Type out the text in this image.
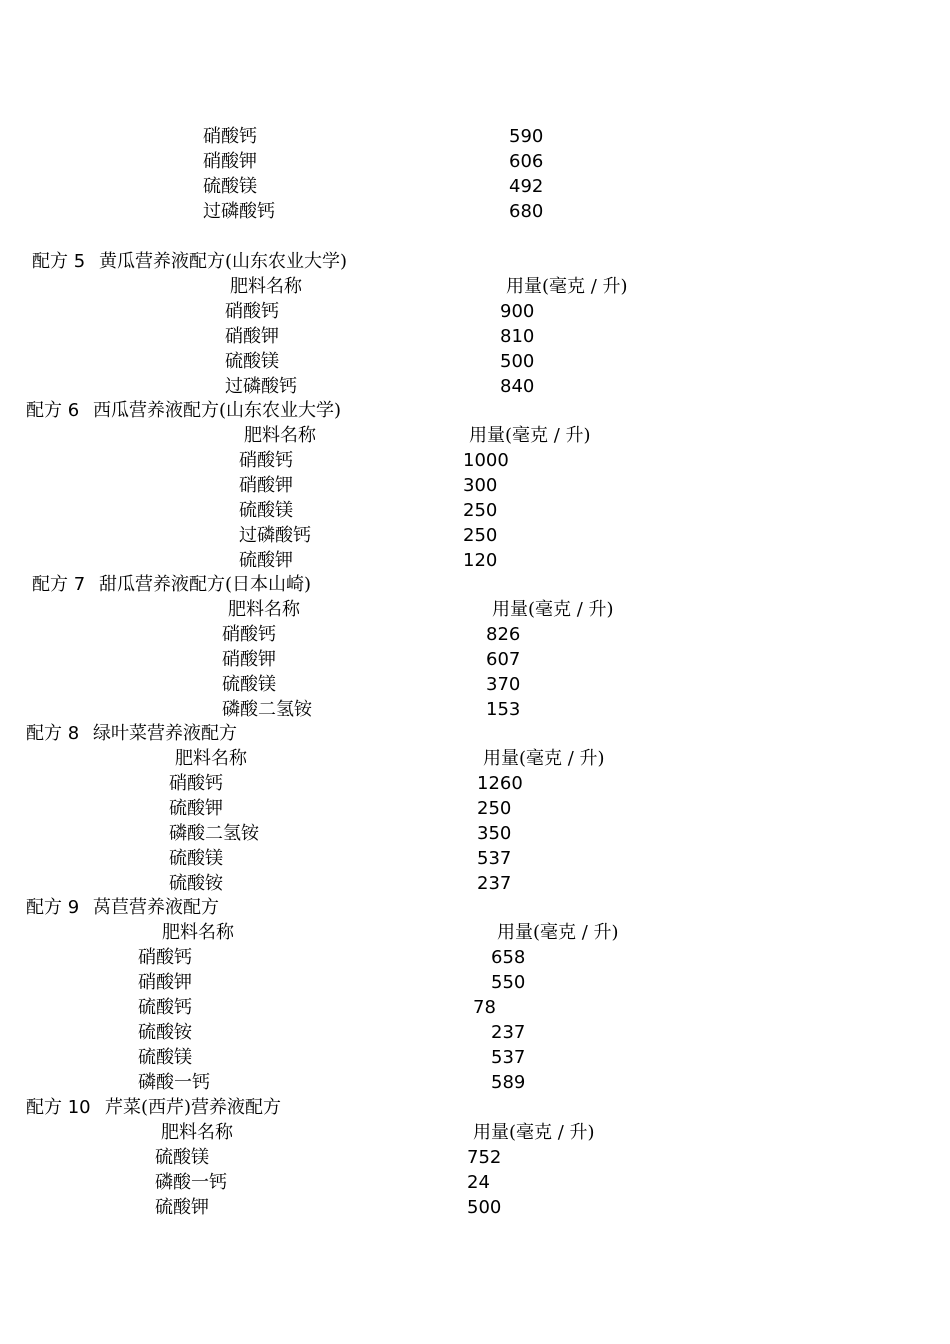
硝酸钙	590
硝酸钾	606
硫酸镁	492
过磷酸钙	680
配方 5 黄瓜营养液配方(山东农业大学)
肥料名称	用量(毫克 / 升)
硝酸钙	900
硝酸钾	810
硫酸镁	500
过磷酸钙	840
配方 6 西瓜营养液配方(山东农业大学)
肥料名称	用量(毫克 / 升)
硝酸钙	1000
硝酸钾	300
硫酸镁	250
过磷酸钙	250
硫酸钾	120
配方 7 甜瓜营养液配方(日本山崎)
肥料名称	用量(毫克 / 升)
硝酸钙	826
硝酸钾	607
硫酸镁	370
磷酸二氢铵	153
配方 8 绿叶菜营养液配方
肥料名称	用量(毫克 / 升)
硝酸钙	1260
硫酸钾	250
磷酸二氢铵	350
硫酸镁	537
硫酸铵	237
配方 9 莴苣营养液配方
肥料名称	用量(毫克 / 升)
硝酸钙	658
硝酸钾	550
硫酸钙	78
硫酸铵	237
硫酸镁	537
磷酸一钙	589
配方 10 芹菜(西芹)营养液配方
肥料名称	用量(毫克 / 升)
硫酸镁	752
磷酸一钙	24
硫酸钾	500
